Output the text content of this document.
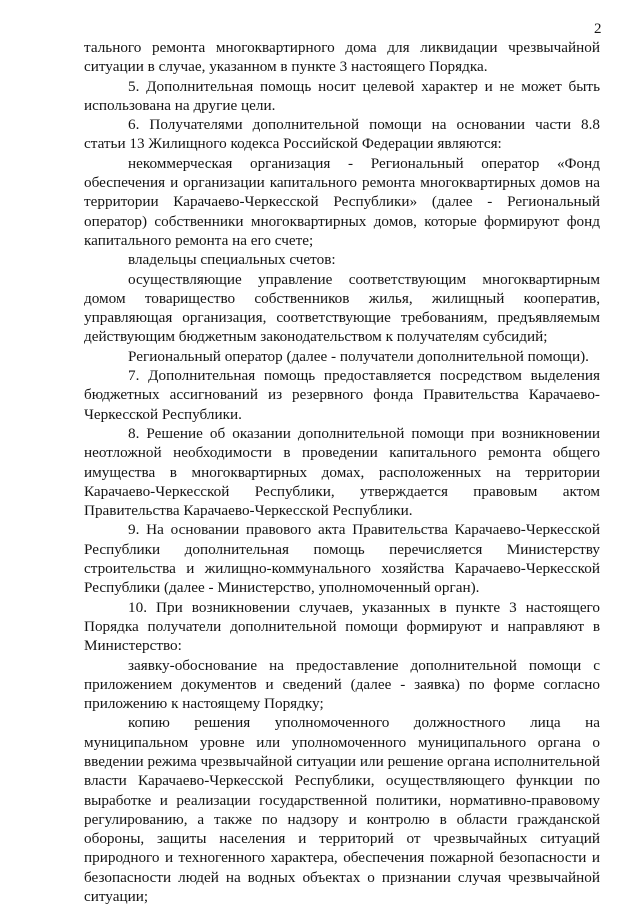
2

тального ремонта многоквартирного дома для ликвидации чрезвычайной ситуации в случае, указанном в пункте 3 настоящего Порядка.

5. Дополнительная помощь носит целевой характер и не может быть использована на другие цели.

6. Получателями дополнительной помощи на основании части 8.8 статьи 13 Жилищного кодекса Российской Федерации являются:

некоммерческая организация - Региональный оператор «Фонд обеспечения и организации капитального ремонта многоквартирных домов на территории Карачаево-Черкесской Республики» (далее - Региональный оператор) собственники многоквартирных домов, которые формируют фонд капитального ремонта на его счете;

владельцы специальных счетов:

осуществляющие управление соответствующим многоквартирным домом товарищество собственников жилья, жилищный кооператив, управляющая организация, соответствующие требованиям, предъявляемым действующим бюджетным законодательством к получателям субсидий;

Региональный оператор (далее - получатели дополнительной помощи).

7. Дополнительная помощь предоставляется посредством выделения бюджетных ассигнований из резервного фонда Правительства Карачаево-Черкесской Республики.

8. Решение об оказании дополнительной помощи при возникновении неотложной необходимости в проведении капитального ремонта общего имущества в многоквартирных домах, расположенных на территории Карачаево-Черкесской Республики, утверждается правовым актом Правительства Карачаево-Черкесской Республики.

9. На основании правового акта Правительства Карачаево-Черкесской Республики дополнительная помощь перечисляется Министерству строительства и жилищно-коммунального хозяйства Карачаево-Черкесской Республики (далее - Министерство, уполномоченный орган).

10. При возникновении случаев, указанных в пункте 3 настоящего Порядка получатели дополнительной помощи формируют и направляют в Министерство:

заявку-обоснование на предоставление дополнительной помощи с приложением документов и сведений (далее - заявка) по форме согласно приложению к настоящему Порядку;

копию решения уполномоченного должностного лица на муниципальном уровне или уполномоченного муниципального органа о введении режима чрезвычайной ситуации или решение органа исполнительной власти Карачаево-Черкесской Республики, осуществляющего функции по выработке и реализации государственной политики, нормативно-правовому регулированию, а также по надзору и контролю в области гражданской обороны, защиты населения и территорий от чрезвычайных ситуаций природного и техногенного характера, обеспечения пожарной безопасности и безопасности людей на водных объектах о признании случая чрезвычайной ситуации;
